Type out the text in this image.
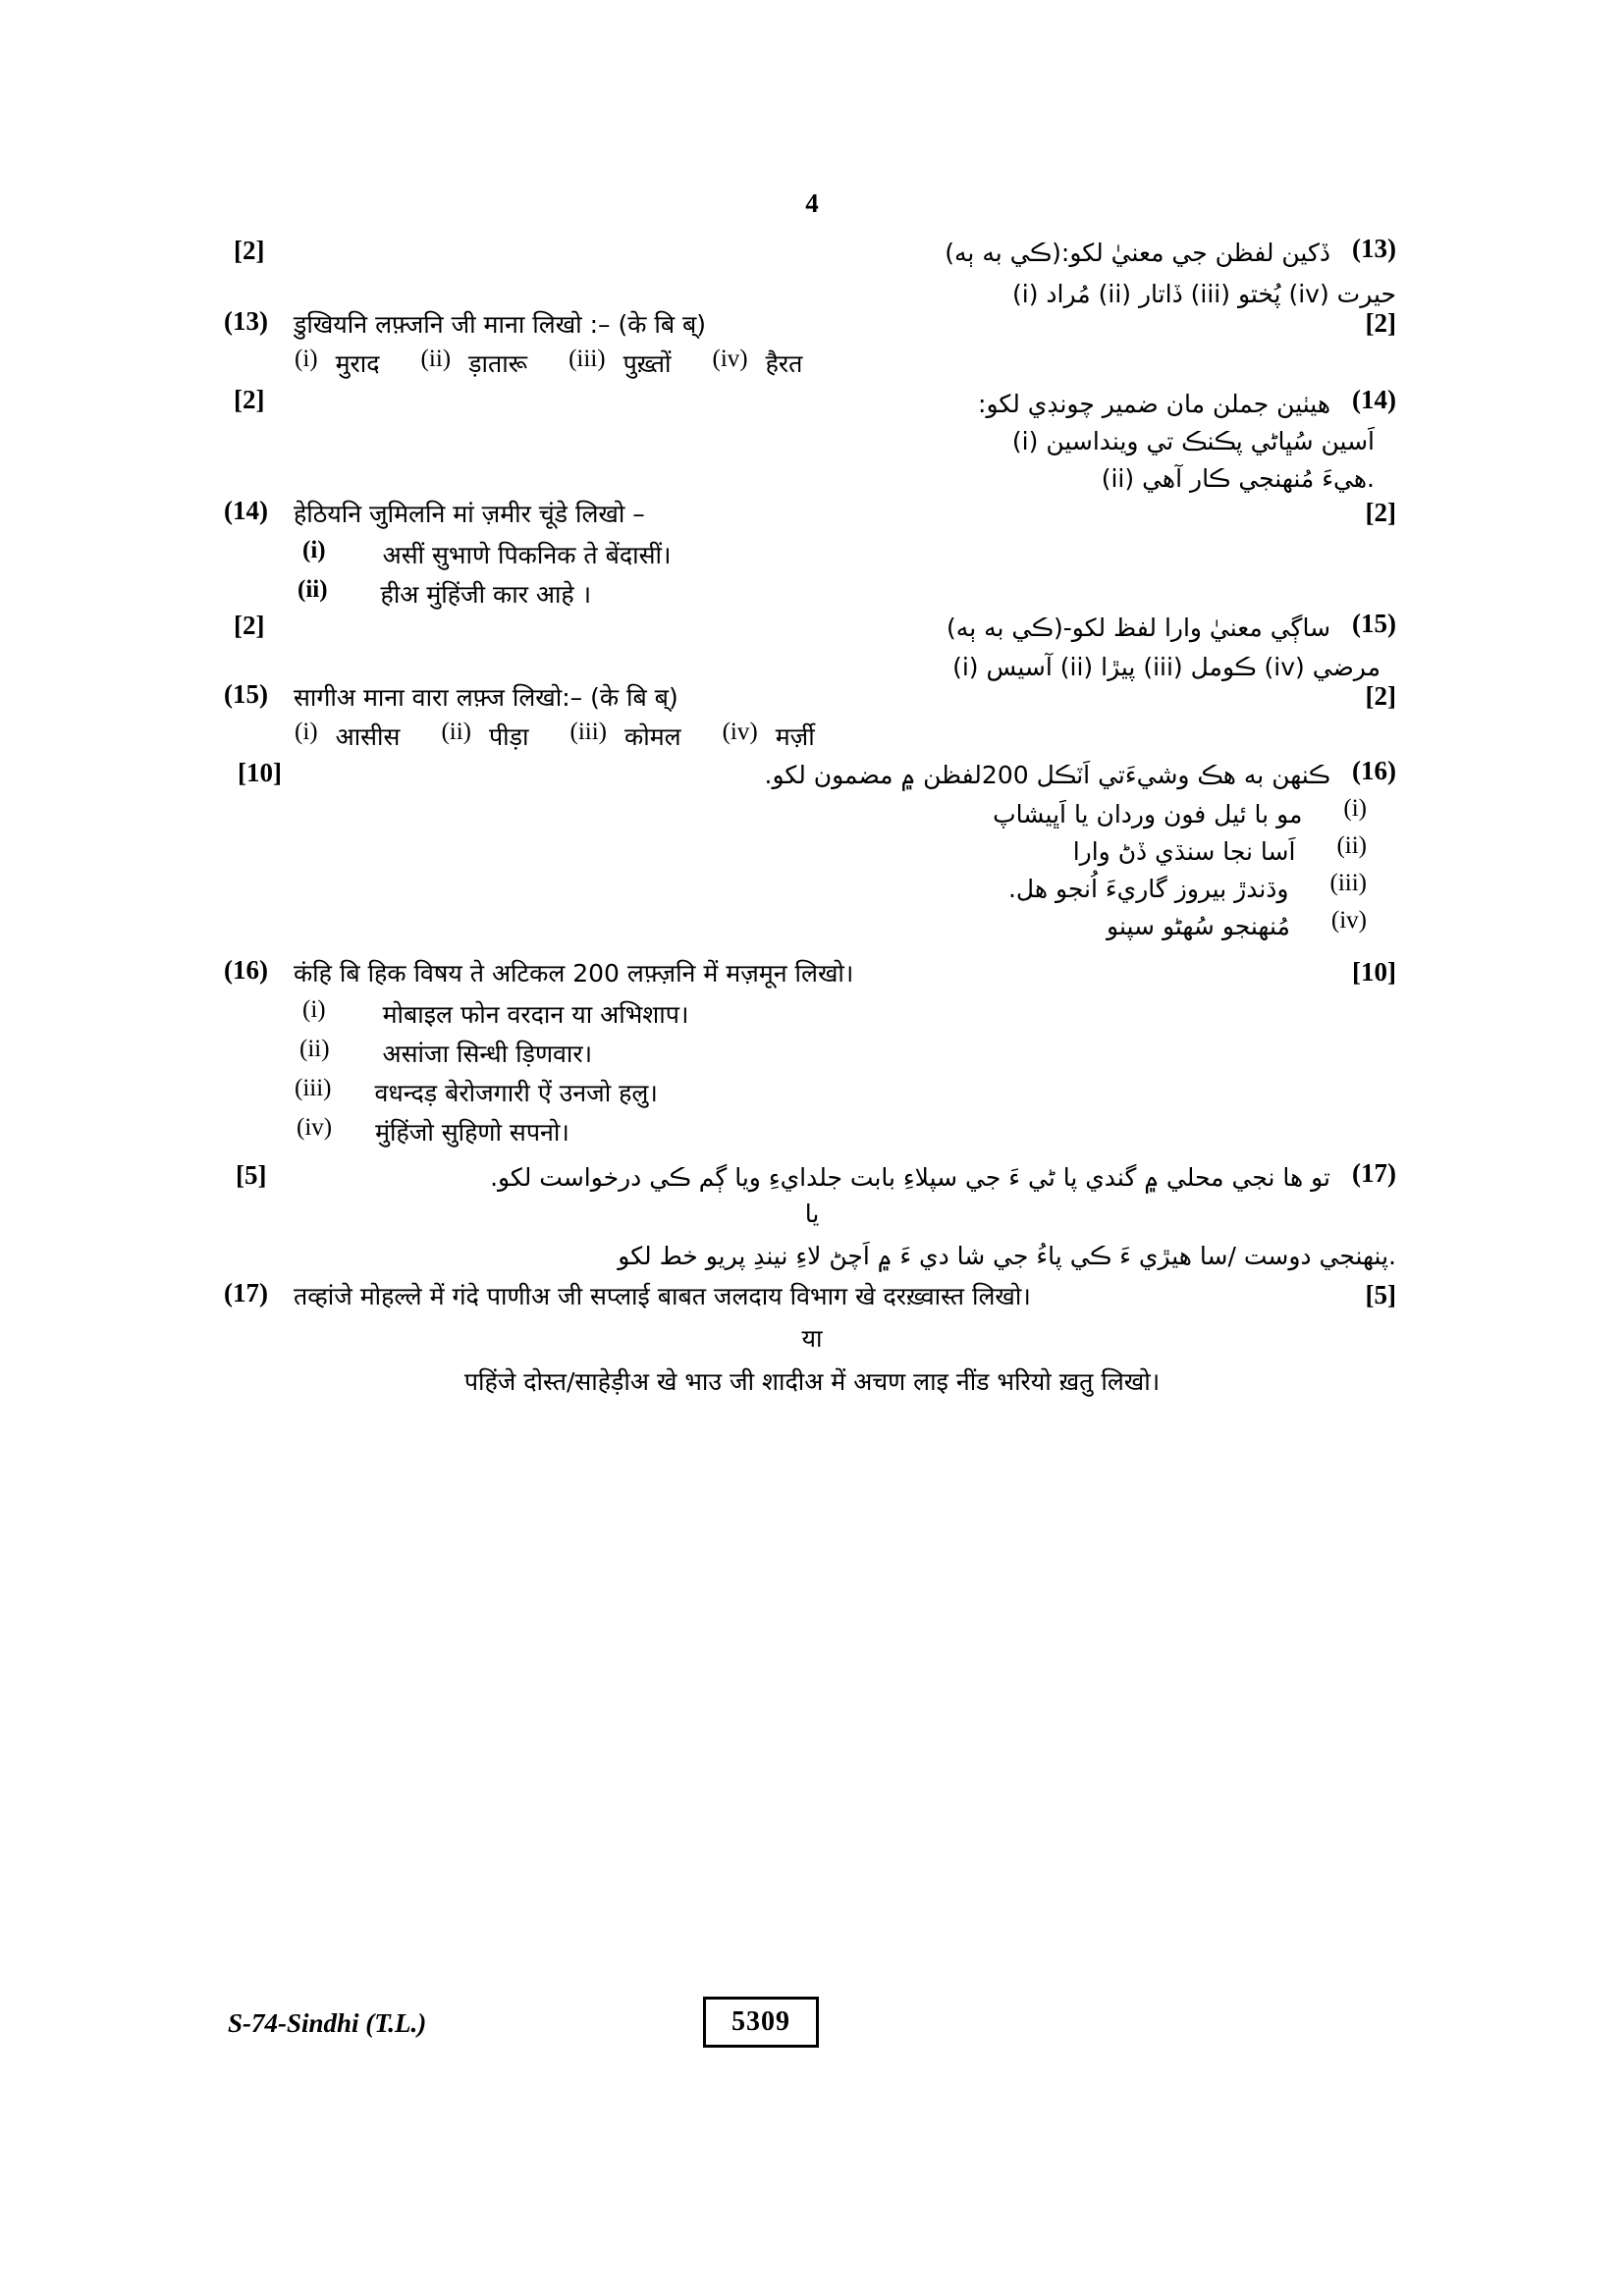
4
[2]	(13)
ڏکين لفظن جي معنيٰ لکو:(ڪي به ٻه)
(i) مُراد (ii) ڏاتار (iii) پُختو (iv) حيرت
(13) डुखियनि लफ़्जनि जी माना लिखो :– (के बि ब्)	[2]
(i) मुराद (ii) ड़ातारू (iii) पुख़्तों (iv) हैरत
[2]	(14)
هيٺين جملن مان ضمير چونڊي لکو:
(i) اَسين سُڀاڻي پڪنڪ تي وينداسين
(ii) هيءَ مُنهنجي ڪار آهي.
(14) हेठियनि जुमिलनि मां ज़मीर चूंडे लिखो –	[2]
(i) असीं सुभाणे पिकनिक ते बेंदासीं।
(ii) हीअ मुंहिंजी कार आहे ।
[2]	(15)
ساڳي معنيٰ وارا لفظ لکو-(ڪي به ٻه)
(i) آسيس (ii) پيڙا (iii) ڪومل (iv) مرضي
(15) सागीअ माना वारा लफ़्ज लिखो:– (के बि ब्)	[2]
(i) आसीस (ii) पीड़ा (iii) कोमल (iv) मर्ज़ी
[10]	(16)
ڪنهن به هڪ وشيءَتي اَٽڪل 200لفظن ۾ مضمون لکو.
(i)
مو با ئيل فون وردان يا اَڀيشاپ
(ii)
اَسا نجا سنڌي ڏڻ وارا
(iii)
وڌندڙ بيروز گاريءَ اُنجو هل.
(iv)
مُنهنجو سُهڻو سپنو
(16) कंहि बि हिक विषय ते अटिकल 200 लफ़्ज़नि में मज़मून लिखो।	[10]
(i) मोबाइल फोन वरदान या अभिशाप।
(ii) असांजा सिन्धी ड़िणवार।
(iii) वधन्दड़ बेरोजगारी ऐं उनजो हलु।
(iv) मुंहिंजो सुहिणो सपनो।
[5]	(17)
تو ها نجي محلي ۾ گندي پا ڻي ءَ جي سپلاءِ بابت جلدايءِ ويا ڳم ڪي درخواست لکو.
يا
پنهنجي دوست /سا هيڙي ءَ ڪي پاءُ جي شا دي ءَ ۾ اَچڻ لاءِ نيندِ پريو خط لکو.
(17) तव्हांजे मोहल्ले में गंदे पाणीअ जी सप्लाई बाबत जलदाय विभाग खे दरख़्वास्त लिखो।	[5]
या
पहिंजे दोस्त/साहेड़ीअ खे भाउ जी शादीअ में अचण लाइ नींड भरियो ख़तु लिखो।
S-74-Sindhi (T.L.)	5309
